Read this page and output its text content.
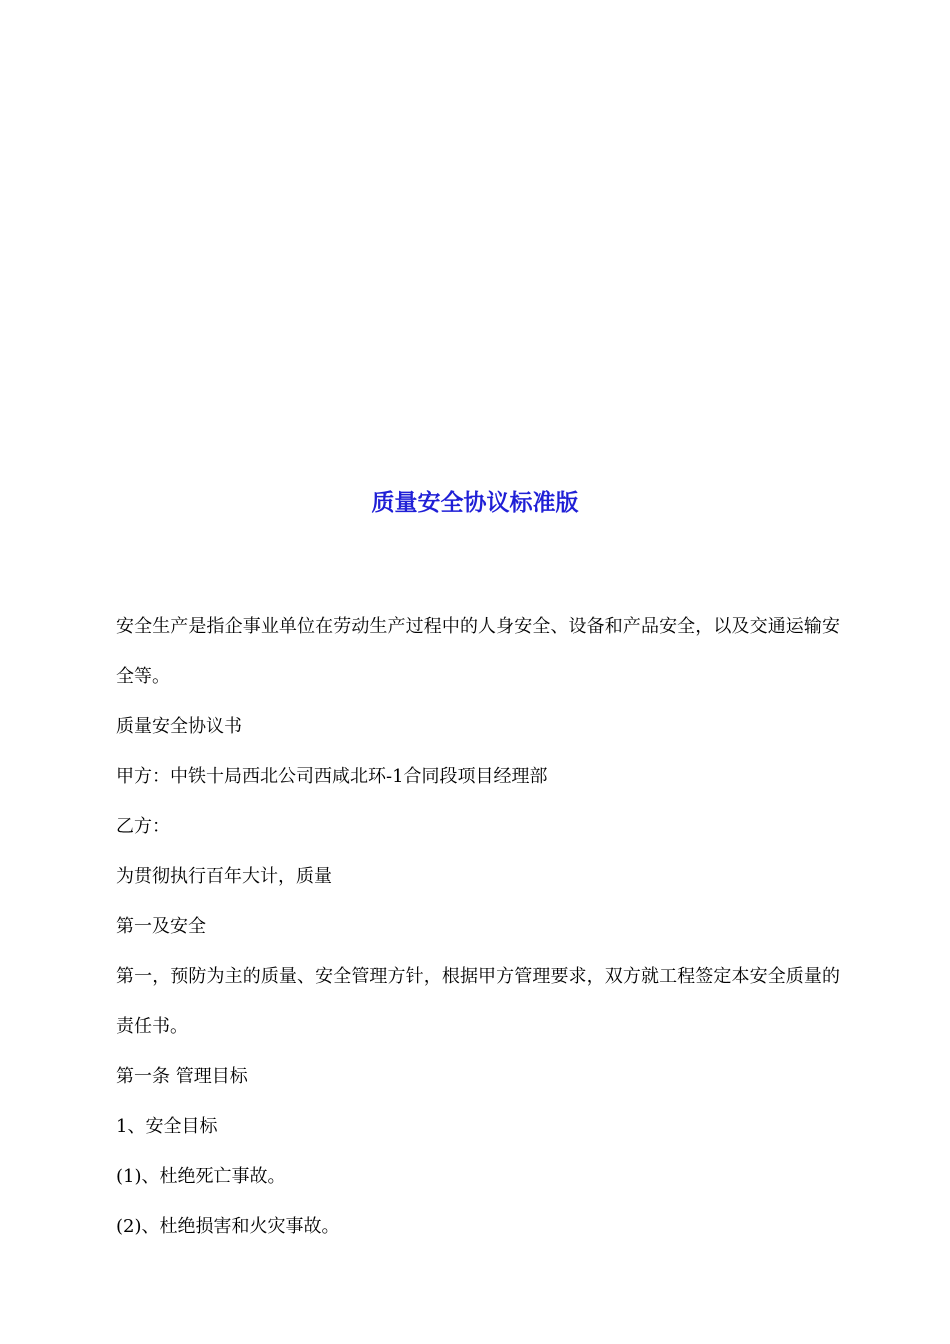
质量安全协议标准版

安全生产是指企事业单位在劳动生产过程中的人身安全、设备和产品安全，以及交通运输安全等。

质量安全协议书

甲方：中铁十局西北公司西咸北环-1合同段项目经理部

乙方：

为贯彻执行百年大计，质量

第一及安全

第一，预防为主的质量、安全管理方针，根据甲方管理要求，双方就工程签定本安全质量的责任书。

第一条 管理目标

1、安全目标

(1)、杜绝死亡事故。

(2)、杜绝损害和火灾事故。
